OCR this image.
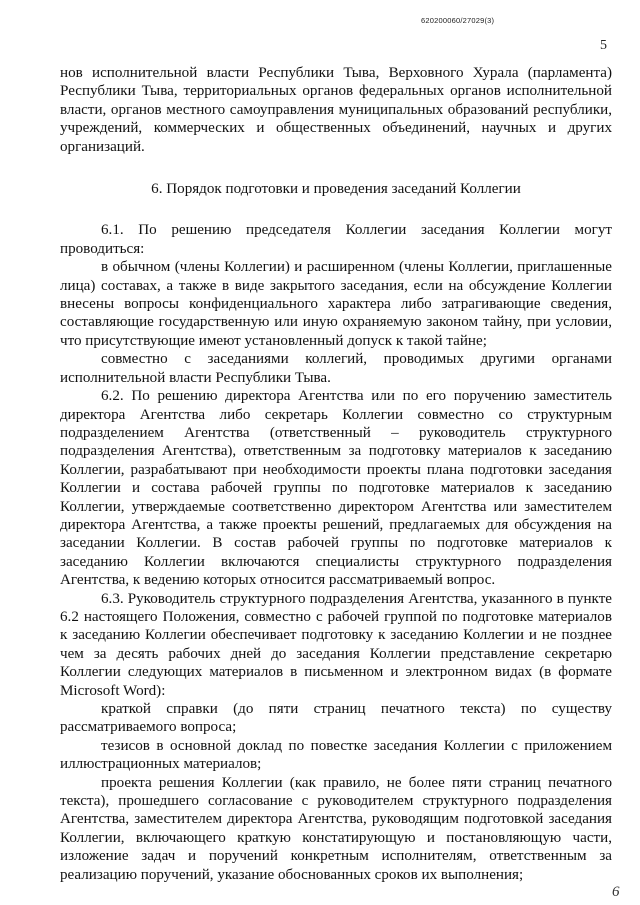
620200060/27029(3)
5

нов исполнительной власти Республики Тыва, Верховного Хурала (парламента) Республики Тыва, территориальных органов федеральных органов исполнительной власти, органов местного самоуправления муниципальных образований республики, учреждений, коммерческих и общественных объединений, научных и других организаций.

6. Порядок подготовки и проведения заседаний Коллегии

6.1. По решению председателя Коллегии заседания Коллегии могут проводиться:

в обычном (члены Коллегии) и расширенном (члены Коллегии, приглашенные лица) составах, а также в виде закрытого заседания, если на обсуждение Коллегии внесены вопросы конфиденциального характера либо затрагивающие сведения, составляющие государственную или иную охраняемую законом тайну, при условии, что присутствующие имеют установленный допуск к такой тайне;

совместно с заседаниями коллегий, проводимых другими органами исполнительной власти Республики Тыва.

6.2. По решению директора Агентства или по его поручению заместитель директора Агентства либо секретарь Коллегии совместно со структурным подразделением Агентства (ответственный – руководитель структурного подразделения Агентства), ответственным за подготовку материалов к заседанию Коллегии, разрабатывают при необходимости проекты плана подготовки заседания Коллегии и состава рабочей группы по подготовке материалов к заседанию Коллегии, утверждаемые соответственно директором Агентства или заместителем директора Агентства, а также проекты решений, предлагаемых для обсуждения на заседании Коллегии. В состав рабочей группы по подготовке материалов к заседанию Коллегии включаются специалисты структурного подразделения Агентства, к ведению которых относится рассматриваемый вопрос.

6.3. Руководитель структурного подразделения Агентства, указанного в пункте 6.2 настоящего Положения, совместно с рабочей группой по подготовке материалов к заседанию Коллегии обеспечивает подготовку к заседанию Коллегии и не позднее чем за десять рабочих дней до заседания Коллегии представление секретарю Коллегии следующих материалов в письменном и электронном видах (в формате Microsoft Word):

краткой справки (до пяти страниц печатного текста) по существу рассматриваемого вопроса;

тезисов в основной доклад по повестке заседания Коллегии с приложением иллюстрационных материалов;

проекта решения Коллегии (как правило, не более пяти страниц печатного текста), прошедшего согласование с руководителем структурного подразделения Агентства, заместителем директора Агентства, руководящим подготовкой заседания Коллегии, включающего краткую констатирующую и постановляющую части, изложение задач и поручений конкретным исполнителям, ответственным за реализацию поручений, указание обоснованных сроков их выполнения;

6
